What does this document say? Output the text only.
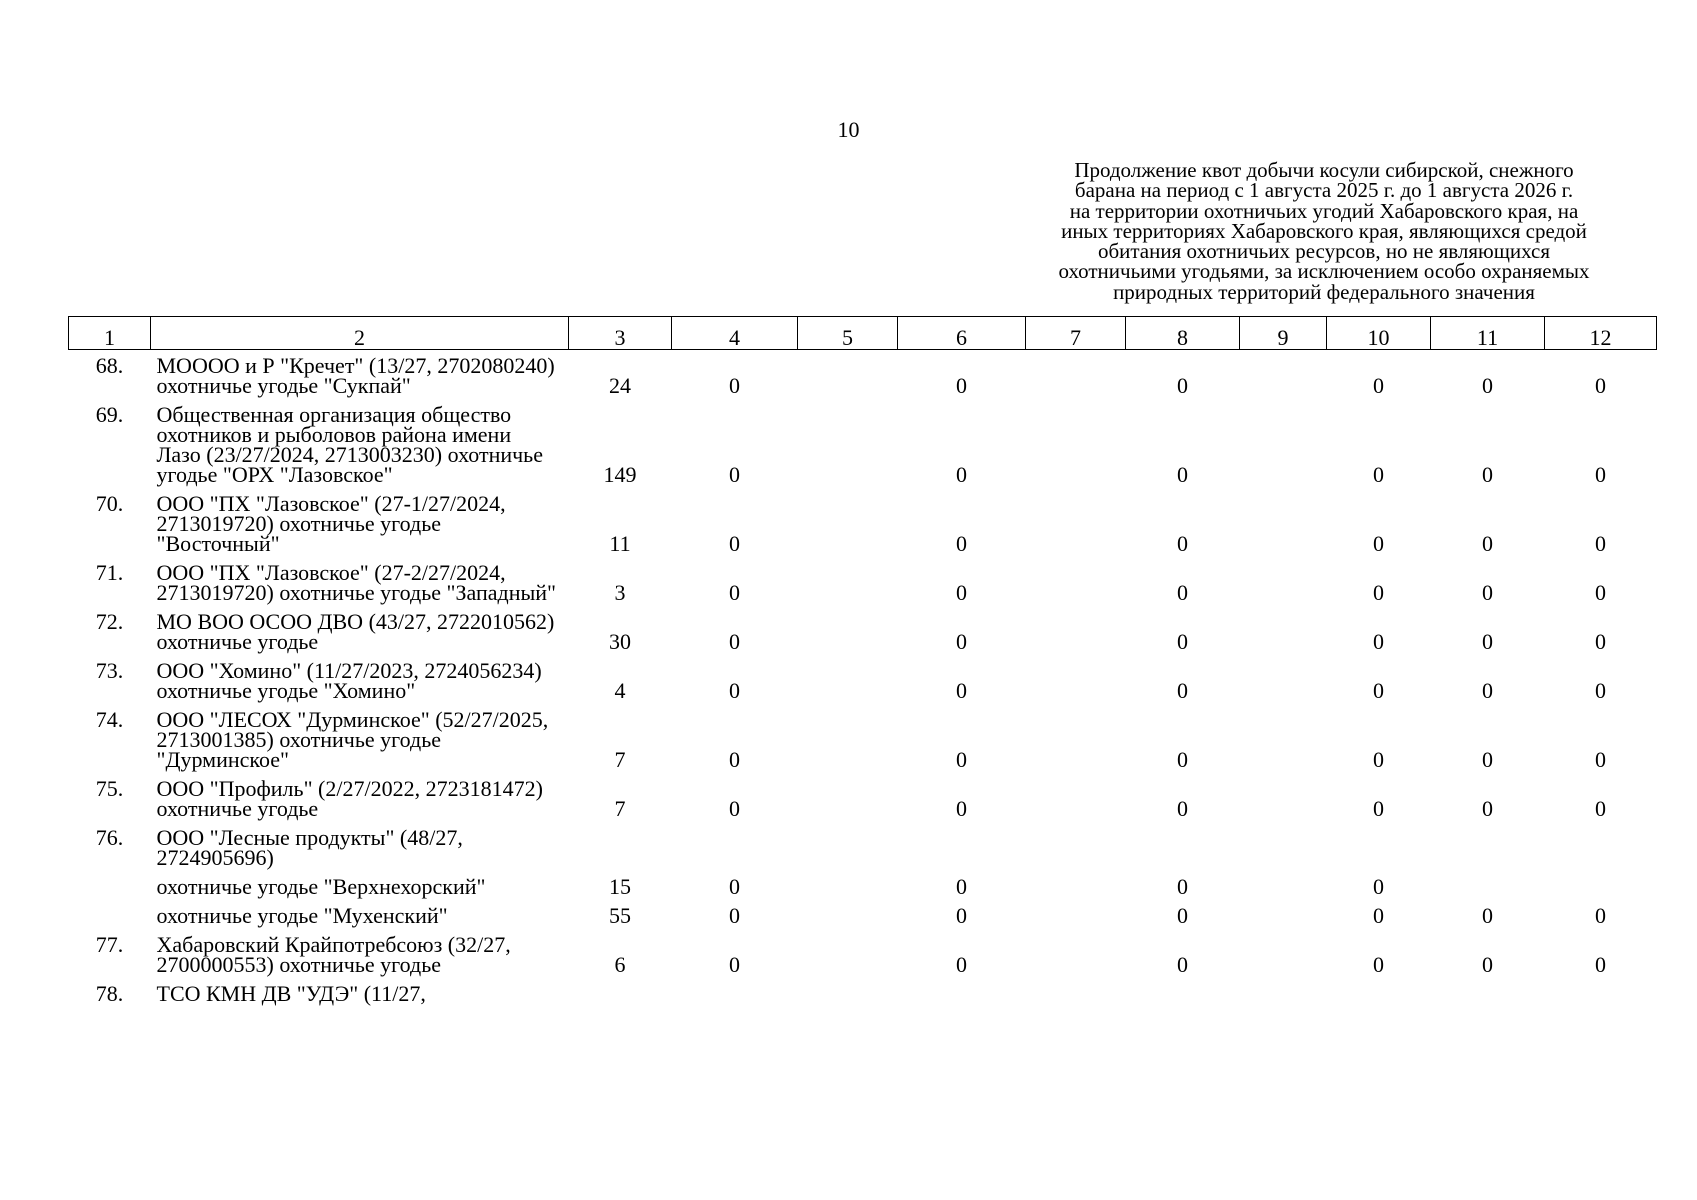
10
Продолжение квот добычи косули сибирской, снежного
барана на период с 1 августа 2025 г. до 1 августа 2026 г.
на территории охотничьих угодий Хабаровского края, на
иных территориях Хабаровского края, являющихся средой
обитания охотничьих ресурсов, но не являющихся
охотничьими угодьями, за исключением особо охраняемых
природных территорий федерального значения
1	2	3	4	5	6	7	8	9	10	11	12
68.	МОООО и Р "Кречет" (13/27, 2702080240) охотничье угодье "Сукпай"	24	0		0		0		0	0	0
69.	Общественная организация общество охотников и рыболовов района имени Лазо (23/27/2024, 2713003230) охотничье угодье "ОРХ "Лазовское"	149	0		0		0		0	0	0
70.	ООО "ПХ "Лазовское" (27-1/27/2024, 2713019720) охотничье угодье "Восточный"	11	0		0		0		0	0	0
71.	ООО "ПХ "Лазовское" (27-2/27/2024, 2713019720) охотничье угодье "Западный"	3	0		0		0		0	0	0
72.	МО ВОО ОСОО ДВО (43/27, 2722010562) охотничье угодье	30	0		0		0		0	0	0
73.	ООО "Хомино" (11/27/2023, 2724056234) охотничье угодье "Хомино"	4	0		0		0		0	0	0
74.	ООО "ЛЕСОХ "Дурминское" (52/27/2025, 2713001385) охотничье угодье "Дурминское"	7	0		0		0		0	0	0
75.	ООО "Профиль" (2/27/2022, 2723181472) охотничье угодье	7	0		0		0		0	0	0
76.	ООО "Лесные продукты" (48/27, 2724905696)										
	охотничье угодье "Верхнехорский"	15	0		0		0		0		
	охотничье угодье "Мухенский"	55	0		0		0		0	0	0
77.	Хабаровский Крайпотребсоюз (32/27, 2700000553) охотничье угодье	6	0		0		0		0	0	0
78.	ТСО КМН ДВ "УДЭ" (11/27,										
